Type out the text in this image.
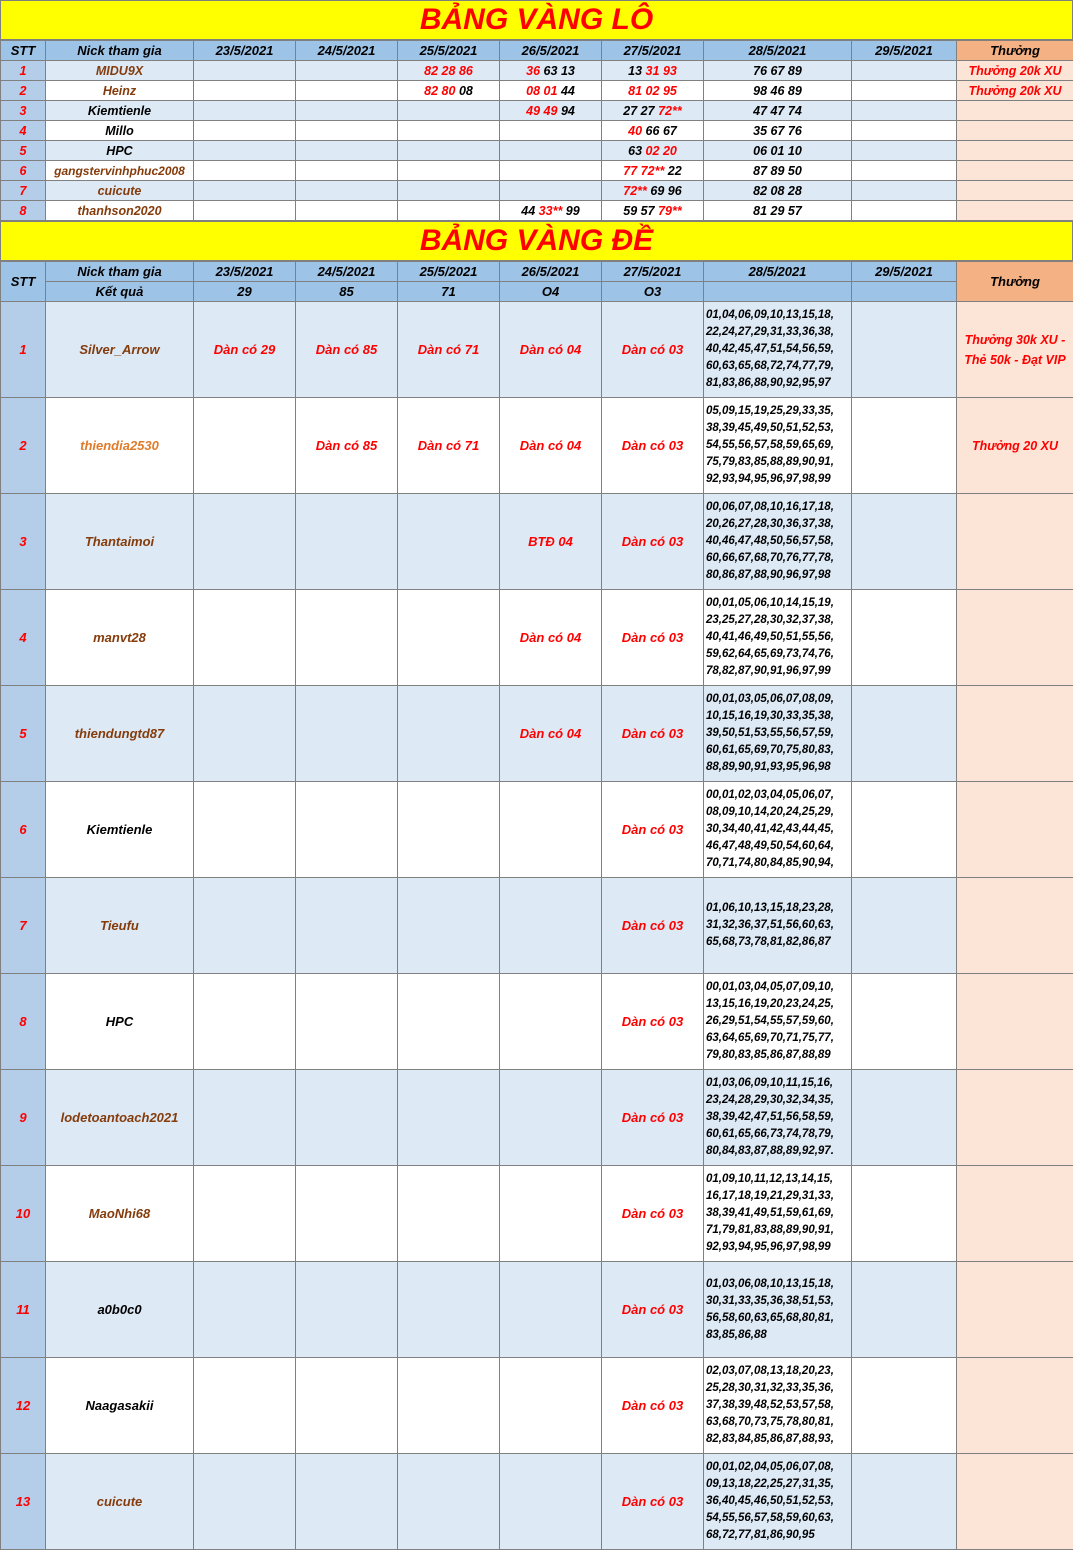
BẢNG VÀNG LÔ
STT	Nick tham gia	23/5/2021	24/5/2021	25/5/2021	26/5/2021	27/5/2021	28/5/2021	29/5/2021	Thưởng
1	MIDU9X			82 28 86	36 63 13	13 31 93	76 67 89		Thưởng 20k XU
2	Heinz			82 80 08	08 01 44	81 02 95	98 46 89		Thưởng 20k XU
3	Kiemtienle				49 49 94	27 27 72**	47 47 74		
4	Millo					40 66 67	35 67 76		
5	HPC					63 02 20	06 01 10		
6	gangstervinhphuc2008					77 72** 22	87 89 50		
7	cuicute					72** 69 96	82 08 28		
8	thanhson2020				44 33** 99	59 57 79**	81 29 57		
BẢNG VÀNG ĐỀ
STT	Nick tham gia	23/5/2021	24/5/2021	25/5/2021	26/5/2021	27/5/2021	28/5/2021	29/5/2021	Thưởng
	Kết quả	29	85	71	O4	O3			
1	Silver_Arrow	Dàn có 29	Dàn có 85	Dàn có 71	Dàn có 04	Dàn có 03	01,​04,​06,​09,​10,​13,​15,​18,​22,​24,​27,​29,​31,​33,​36,​38,​40,​42,​45,​47,​51,​54,​56,​59,​60,​63,​65,​68,​72,​74,​77,​79,​81,​83,​86,​88,​90,​92,​95,​97		Thưởng 30k XU - Thẻ 50k - Đạt VIP
2	thiendia2530		Dàn có 85	Dàn có 71	Dàn có 04	Dàn có 03	05,​09,​15,​19,​25,​29,​33,​35,​38,​39,​45,​49,​50,​51,​52,​53,​54,​55,​56,​57,​58,​59,​65,​69,​75,​79,​83,​85,​88,​89,​90,​91,​92,​93,​94,​95,​96,​97,​98,​99		Thưởng 20 XU
3	Thantaimoi				BTĐ 04	Dàn có 03	00,​06,​07,​08,​10,​16,​17,​18,​20,​26,​27,​28,​30,​36,​37,​38,​40,​46,​47,​48,​50,​56,​57,​58,​60,​66,​67,​68,​70,​76,​77,​78,​80,​86,​87,​88,​90,​96,​97,​98		
4	manvt28				Dàn có 04	Dàn có 03	00,​01,​05,​06,​10,​14,​15,​19,​23,​25,​27,​28,​30,​32,​37,​38,​40,​41,​46,​49,​50,​51,​55,​56,​59,​62,​64,​65,​69,​73,​74,​76,​78,​82,​87,​90,​91,​96,​97,​99		
5	thiendungtd87				Dàn có 04	Dàn có 03	00,​01,​03,​05,​06,​07,​08,​09,​10,​15,​16,​19,​30,​33,​35,​38,​39,​50,​51,​53,​55,​56,​57,​59,​60,​61,​65,​69,​70,​75,​80,​83,​88,​89,​90,​91,​93,​95,​96,​98		
6	Kiemtienle					Dàn có 03	00,​01,​02,​03,​04,​05,​06,​07,​08,​09,​10,​14,​20,​24,​25,​29,​30,​34,​40,​41,​42,​43,​44,​45,​46,​47,​48,​49,​50,​54,​60,​64,​70,​71,​74,​80,​84,​85,​90,​94,​		
7	Tieufu					Dàn có 03	01,​06,​10,​13,​15,​18,​23,​28,​31,​32,​36,​37,​51,​56,​60,​63,​65,​68,​73,​78,​81,​82,​86,​87		
8	HPC					Dàn có 03	00,​01,​03,​04,​05,​07,​09,​10,​13,​15,​16,​19,​20,​23,​24,​25,​26,​29,​51,​54,​55,​57,​59,​60,​63,​64,​65,​69,​70,​71,​75,​77,​79,​80,​83,​85,​86,​87,​88,​89		
9	lodetoantoach2021					Dàn có 03	01,​03,​06,​09,​10,​11,​15,​16,​23,​24,​28,​29,​30,​32,​34,​35,​38,​39,​42,​47,​51,​56,​58,​59,​60,​61,​65,​66,​73,​74,​78,​79,​80,​84,​83,​87,​88,​89,​92,​97.		
10	MaoNhi68					Dàn có 03	01,​09,​10,​11,​12,​13,​14,​15,​16,​17,​18,​19,​21,​29,​31,​33,​38,​39,​41,​49,​51,​59,​61,​69,​71,​79,​81,​83,​88,​89,​90,​91,​92,​93,​94,​95,​96,​97,​98,​99		
11	a0b0c0					Dàn có 03	01,​03,​06,​08,​10,​13,​15,​18,​30,​31,​33,​35,​36,​38,​51,​53,​56,​58,​60,​63,​65,​68,​80,​81,​83,​85,​86,​88		
12	Naagasakii					Dàn có 03	02,​03,​07,​08,​13,​18,​20,​23,​25,​28,​30,​31,​32,​33,​35,​36,​37,​38,​39,​48,​52,​53,​57,​58,​63,​68,​70,​73,​75,​78,​80,​81,​82,​83,​84,​85,​86,​87,​88,​93,​		
13	cuicute					Dàn có 03	00,​01,​02,​04,​05,​06,​07,​08,​09,​13,​18,​22,​25,​27,​31,​35,​36,​40,​45,​46,​50,​51,​52,​53,​54,​55,​56,​57,​58,​59,​60,​63,​68,​72,​77,​81,​86,​90,​95		
